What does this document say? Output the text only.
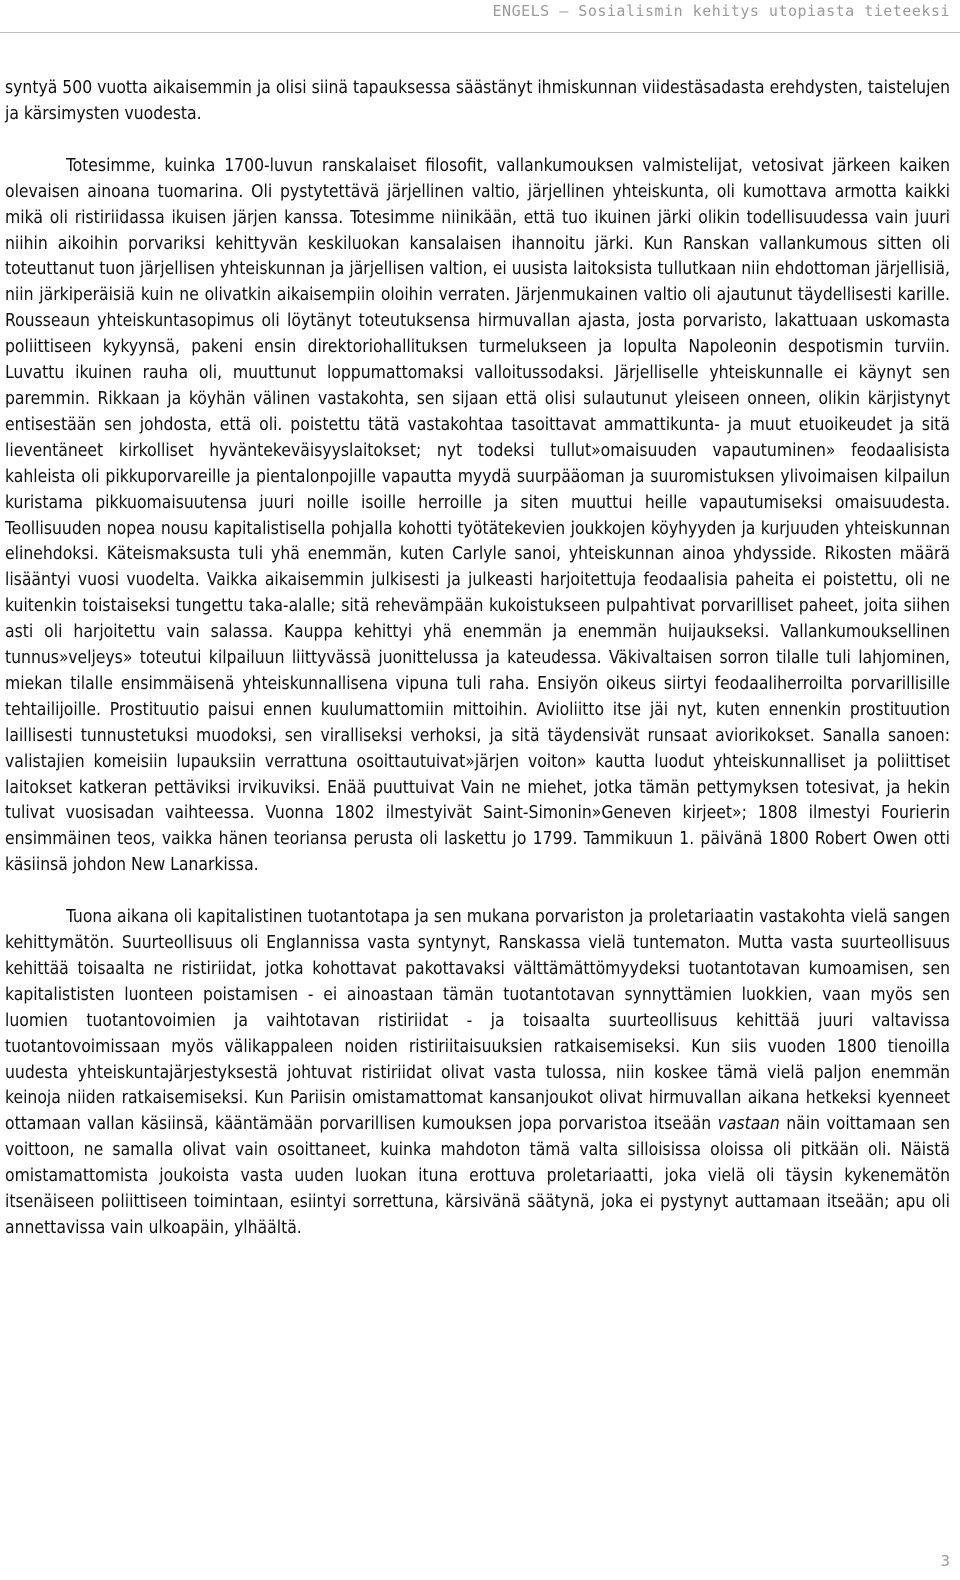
ENGELS – Sosialismin kehitys utopiasta tieteeksi

syntyä 500 vuotta aikaisemmin ja olisi siinä tapauksessa säästänyt ihmiskunnan viidestäsadasta erehdysten, taistelujen ja kärsimysten vuodesta.

Totesimme, kuinka 1700-luvun ranskalaiset filosofit, vallankumouksen valmistelijat, vetosivat järkeen kaiken olevaisen ainoana tuomarina. Oli pystytettävä järjellinen valtio, järjellinen yhteiskunta, oli kumottava armotta kaikki mikä oli ristiriidassa ikuisen järjen kanssa. Totesimme niinikään, että tuo ikuinen järki olikin todellisuudessa vain juuri niihin aikoihin porvariksi kehittyvän keskiluokan kansalaisen ihannoitu järki. Kun Ranskan vallankumous sitten oli toteuttanut tuon järjellisen yhteiskunnan ja järjellisen valtion, ei uusista laitoksista tullutkaan niin ehdottoman järjellisiä, niin järkiperäisiä kuin ne olivatkin aikaisempiin oloihin verraten. Järjenmukainen valtio oli ajautunut täydellisesti karille. Rousseaun yhteiskuntasopimus oli löytänyt toteutuksensa hirmuvallan ajasta, josta porvaristo, lakattuaan uskomasta poliittiseen kykyynsä, pakeni ensin direktoriohallituksen turmelukseen ja lopulta Napoleonin despotismin turviin. Luvattu ikuinen rauha oli, muuttunut loppumattomaksi valloitussodaksi. Järjelliselle yhteiskunnalle ei käynyt sen paremmin. Rikkaan ja köyhän välinen vastakohta, sen sijaan että olisi sulautunut yleiseen onneen, olikin kärjistynyt entisestään sen johdosta, että oli. poistettu tätä vastakohtaa tasoittavat ammattikunta- ja muut etuoikeudet ja sitä lieventäneet kirkolliset hyväntekeväisyyslaitokset; nyt todeksi tullut»omaisuuden vapautuminen» feodaalisista kahleista oli pikkuporvareille ja pientalonpojille vapautta myydä suurpääoman ja suuromistuksen ylivoimaisen kilpailun kuristama pikkuomaisuutensa juuri noille isoille herroille ja siten muuttui heille vapautumiseksi omaisuudesta. Teollisuuden nopea nousu kapitalistisella pohjalla kohotti työtätekevien joukkojen köyhyyden ja kurjuuden yhteiskunnan elinehdoksi. Käteismaksusta tuli yhä enemmän, kuten Carlyle sanoi, yhteiskunnan ainoa yhdysside. Rikosten määrä lisääntyi vuosi vuodelta. Vaikka aikaisemmin julkisesti ja julkeasti harjoitettuja feodaalisia paheita ei poistettu, oli ne kuitenkin toistaiseksi tungettu taka-alalle; sitä rehevämpään kukoistukseen pulpahtivat porvarilliset paheet, joita siihen asti oli harjoitettu vain salassa. Kauppa kehittyi yhä enemmän ja enemmän huijaukseksi. Vallankumouksellinen tunnus»veljeys» toteutui kilpailuun liittyvässä juonittelussa ja kateudessa. Väkivaltaisen sorron tilalle tuli lahjominen, miekan tilalle ensimmäisenä yhteiskunnallisena vipuna tuli raha. Ensiyön oikeus siirtyi feodaaliherroilta porvarillisille tehtailijoille. Prostituutio paisui ennen kuulumattomiin mittoihin. Avioliitto itse jäi nyt, kuten ennenkin prostituution laillisesti tunnustetuksi muodoksi, sen viralliseksi verhoksi, ja sitä täydensivät runsaat aviorikokset. Sanalla sanoen: valistajien komeisiin lupauksiin verrattuna osoittautuivat»järjen voiton» kautta luodut yhteiskunnalliset ja poliittiset laitokset katkeran pettäviksi irvikuviksi. Enää puuttuivat Vain ne miehet, jotka tämän pettymyksen totesivat, ja hekin tulivat vuosisadan vaihteessa. Vuonna 1802 ilmestyivät Saint-Simonin»Geneven kirjeet»; 1808 ilmestyi Fourierin ensimmäinen teos, vaikka hänen teoriansa perusta oli laskettu jo 1799. Tammikuun 1. päivänä 1800 Robert Owen otti käsiinsä johdon New Lanarkissa.

Tuona aikana oli kapitalistinen tuotantotapa ja sen mukana porvariston ja proletariaatin vastakohta vielä sangen kehittymätön. Suurteollisuus oli Englannissa vasta syntynyt, Ranskassa vielä tuntematon. Mutta vasta suurteollisuus kehittää toisaalta ne ristiriidat, jotka kohottavat pakottavaksi välttämättömyydeksi tuotantotavan kumoamisen, sen kapitalististen luonteen poistamisen - ei ainoastaan tämän tuotantotavan synnyttämien luokkien, vaan myös sen luomien tuotantovoimien ja vaihtotavan ristiriidat - ja toisaalta suurteollisuus kehittää juuri valtavissa tuotantovoimissaan myös välikappaleen noiden ristiriitaisuuksien ratkaisemiseksi. Kun siis vuoden 1800 tienoilla uudesta yhteiskuntajärjestyksestä johtuvat ristiriidat olivat vasta tulossa, niin koskee tämä vielä paljon enemmän keinoja niiden ratkaisemiseksi. Kun Pariisin omistamattomat kansanjoukot olivat hirmuvallan aikana hetkeksi kyenneet ottamaan vallan käsiinsä, kääntämään porvarillisen kumouksen jopa porvaristoa itseään vastaan näin voittamaan sen voittoon, ne samalla olivat vain osoittaneet, kuinka mahdoton tämä valta silloisissa oloissa oli pitkään oli. Näistä omistamattomista joukoista vasta uuden luokan ituna erottuva proletariaatti, joka vielä oli täysin kykenemätön itsenäiseen poliittiseen toimintaan, esiintyi sorrettuna, kärsivänä säätynä, joka ei pystynyt auttamaan itseään; apu oli annettavissa vain ulkoapäin, ylhäältä.

3
